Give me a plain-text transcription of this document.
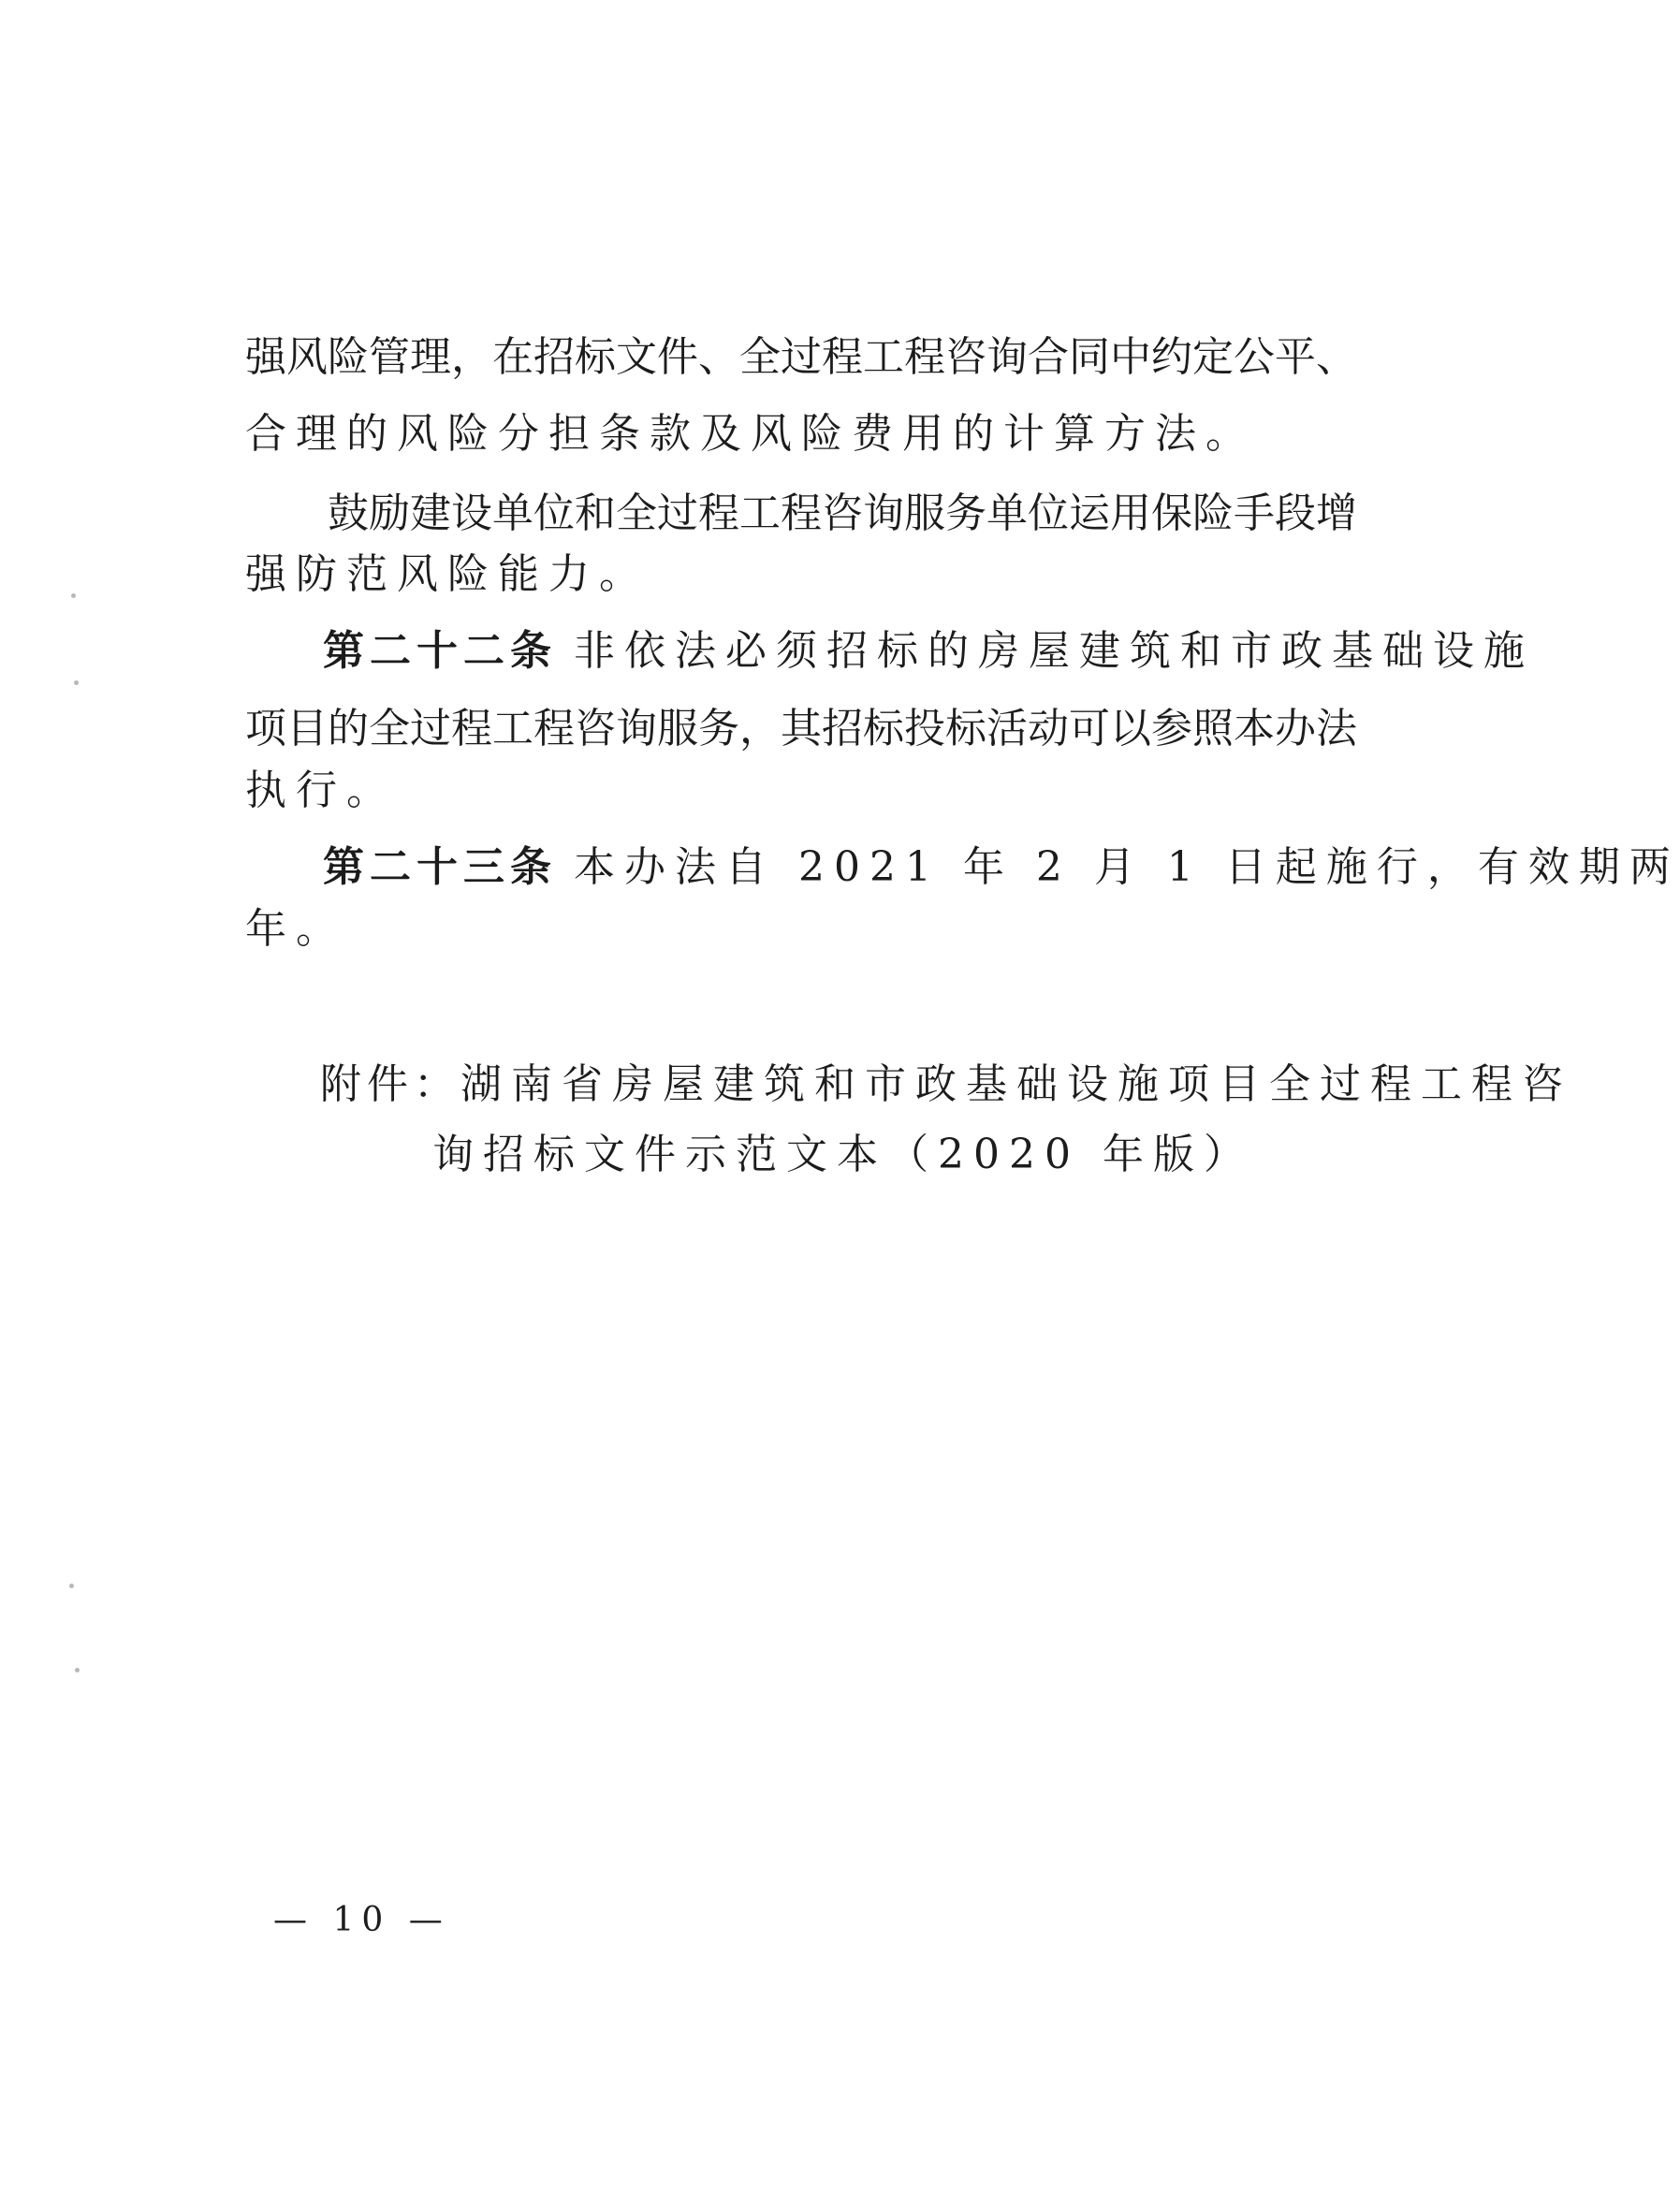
强风险管理，在招标文件、全过程工程咨询合同中约定公平、
合理的风险分担条款及风险费用的计算方法。
鼓励建设单位和全过程工程咨询服务单位运用保险手段增
强防范风险能力。
第二十二条 非依法必须招标的房屋建筑和市政基础设施
项目的全过程工程咨询服务，其招标投标活动可以参照本办法
执行。
第二十三条 本办法自 2021 年 2 月 1 日起施行，有效期两
年。
附件：湖南省房屋建筑和市政基础设施项目全过程工程咨
询招标文件示范文本（2020 年版）
— 10 —
